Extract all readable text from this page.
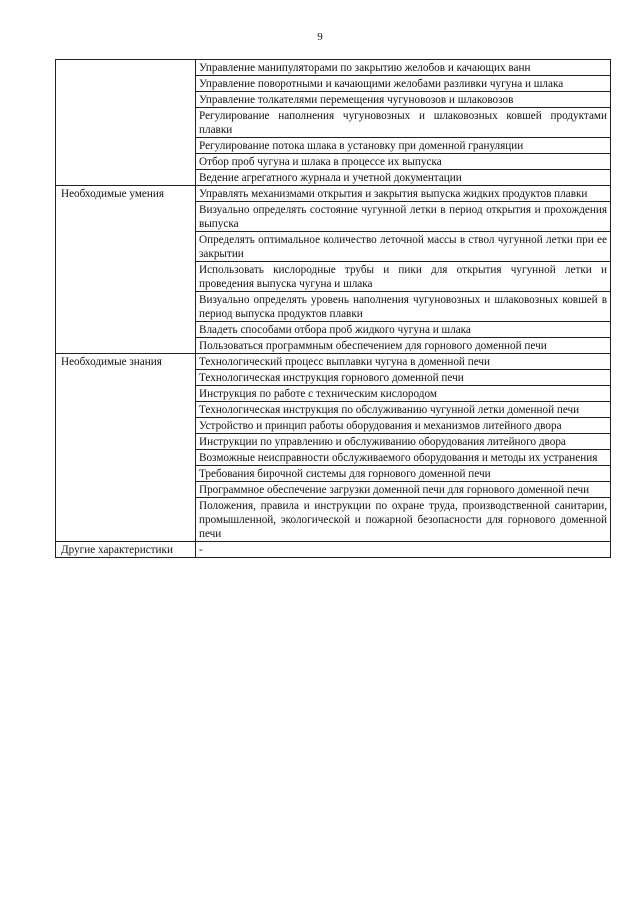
9
	Управление манипуляторами по закрытию желобов и качающих ванн
	Управление поворотными и качающими желобами разливки чугуна и шлака
	Управление толкателями перемещения чугуновозов и шлаковозов
	Регулирование наполнения чугуновозных и шлаковозных ковшей продуктами плавки
	Регулирование потока шлака в установку при доменной грануляции
	Отбор проб чугуна и шлака в процессе их выпуска
	Ведение агрегатного журнала и учетной документации

Необходимые умения	Управлять механизмами открытия и закрытия выпуска жидких продуктов плавки
	Визуально определять состояние чугунной летки в период открытия и прохождения выпуска
	Определять оптимальное количество леточной массы в ствол чугунной летки при ее закрытии
	Использовать кислородные трубы и пики для открытия чугунной летки и проведения выпуска чугуна и шлака
	Визуально определять уровень наполнения чугуновозных и шлаковозных ковшей в период выпуска продуктов плавки
	Владеть способами отбора проб жидкого чугуна и шлака
	Пользоваться программным обеспечением для горнового доменной печи

Необходимые знания	Технологический процесс выплавки чугуна в доменной печи
	Технологическая инструкция горнового доменной печи
	Инструкция по работе с техническим кислородом
	Технологическая инструкция по обслуживанию чугунной летки доменной печи
	Устройство и принцип работы оборудования и механизмов литейного двора
	Инструкции по управлению и обслуживанию оборудования литейного двора
	Возможные неисправности обслуживаемого оборудования и методы их устранения
	Требования бирочной системы для горнового доменной печи
	Программное обеспечение загрузки доменной печи для горнового доменной печи
	Положения, правила и инструкции по охране труда, производственной санитарии, промышленной, экологической и пожарной безопасности для горнового доменной печи

Другие характеристики	-
